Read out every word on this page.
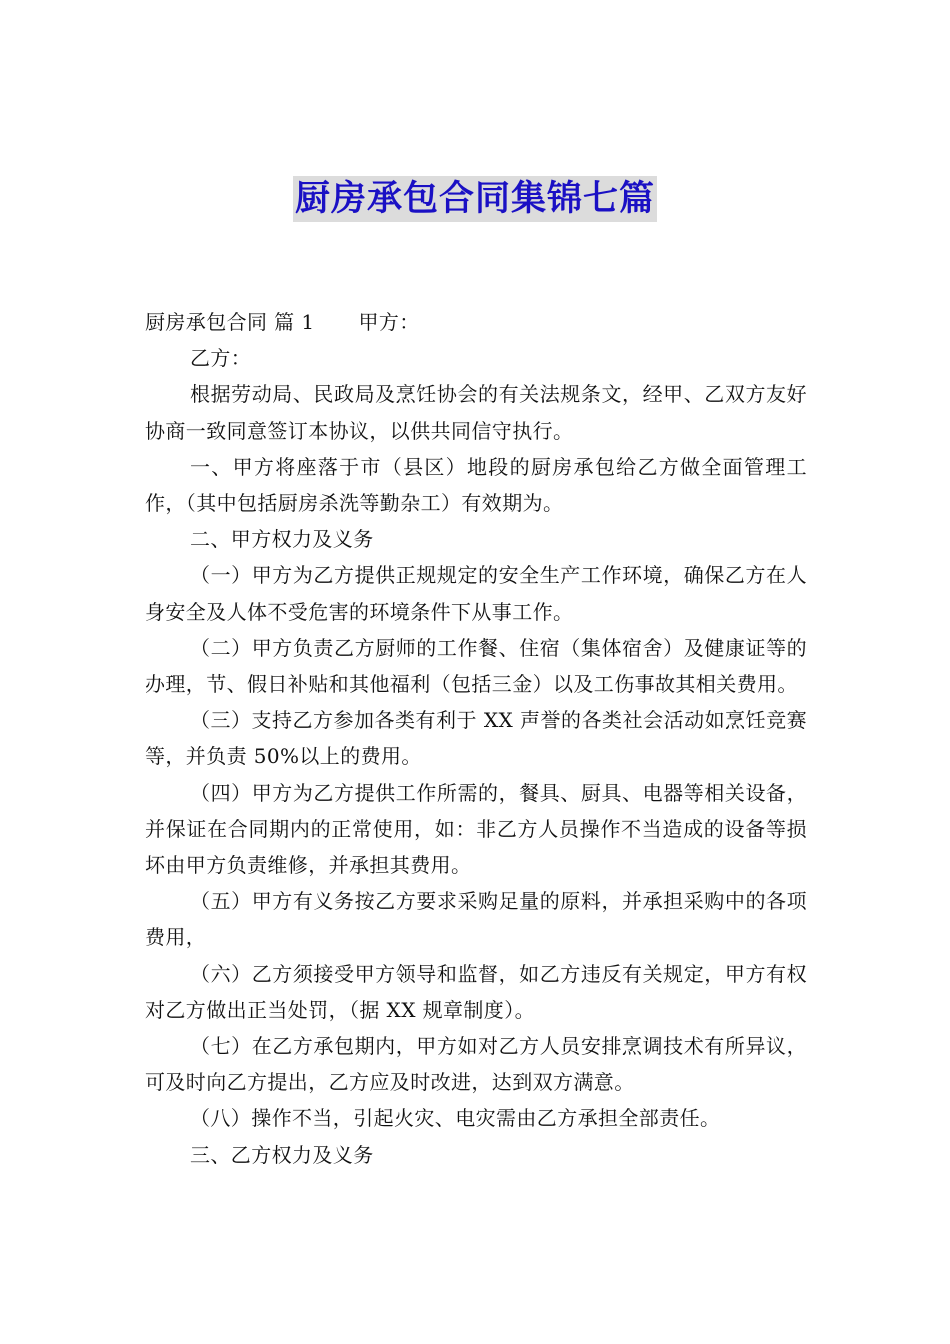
厨房承包合同集锦七篇

厨房承包合同 篇 1 甲方：

乙方：

根据劳动局、民政局及烹饪协会的有关法规条文，经甲、乙双方友好协商一致同意签订本协议，以供共同信守执行。

一、甲方将座落于市（县区）地段的厨房承包给乙方做全面管理工作，（其中包括厨房杀洗等勤杂工）有效期为。

二、甲方权力及义务

（一）甲方为乙方提供正规规定的安全生产工作环境，确保乙方在人身安全及人体不受危害的环境条件下从事工作。

（二）甲方负责乙方厨师的工作餐、住宿（集体宿舍）及健康证等的办理，节、假日补贴和其他福利（包括三金）以及工伤事故其相关费用。

（三）支持乙方参加各类有利于 XX 声誉的各类社会活动如烹饪竞赛等，并负责 50%以上的费用。

（四）甲方为乙方提供工作所需的，餐具、厨具、电器等相关设备，并保证在合同期内的正常使用，如：非乙方人员操作不当造成的设备等损坏由甲方负责维修，并承担其费用。

（五）甲方有义务按乙方要求采购足量的原料，并承担采购中的各项费用，

（六）乙方须接受甲方领导和监督，如乙方违反有关规定，甲方有权对乙方做出正当处罚，（据 XX 规章制度）。

（七）在乙方承包期内，甲方如对乙方人员安排烹调技术有所异议，可及时向乙方提出，乙方应及时改进，达到双方满意。

（八）操作不当，引起火灾、电灾需由乙方承担全部责任。

三、乙方权力及义务
